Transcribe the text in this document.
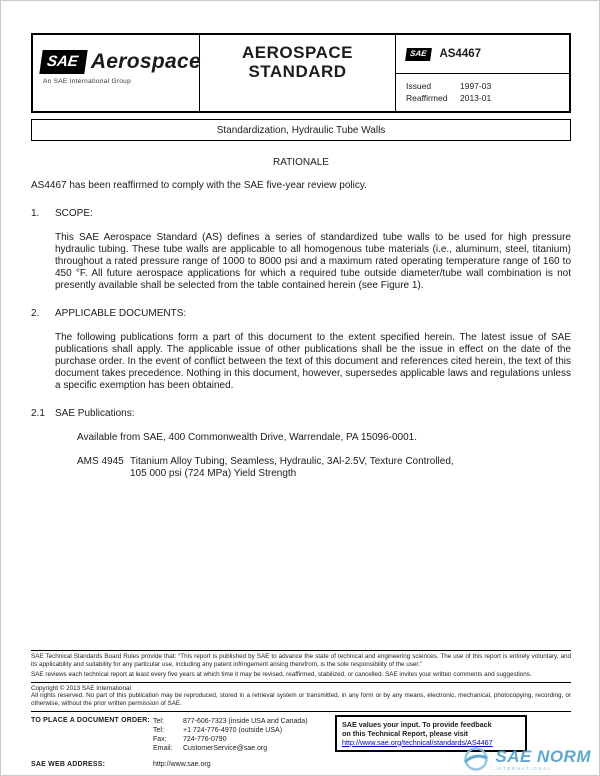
SAE Aerospace
An SAE International Group
AEROSPACE
STANDARD
SAE	AS4467
Issued	1997-03
Reaffirmed	2013-01
Standardization, Hydraulic Tube Walls
RATIONALE

AS4467 has been reaffirmed to comply with the SAE five-year review policy.

1.	SCOPE:

This SAE Aerospace Standard (AS) defines a series of standardized tube walls to be used for high pressure hydraulic tubing. These tube walls are applicable to all homogenous tube materials (i.e., aluminum, steel, titanium) throughout a rated pressure range of 1000 to 8000 psi and a maximum rated operating temperature range of 160 to 450 °F. All future aerospace applications for which a required tube outside diameter/tube wall combination is not presently available shall be selected from the table contained herein (see Figure 1).

2.	APPLICABLE DOCUMENTS:

The following publications form a part of this document to the extent specified herein. The latest issue of SAE publications shall apply. The applicable issue of other publications shall be the issue in effect on the date of the purchase order. In the event of conflict between the text of this document and references cited herein, the text of this document takes precedence. Nothing in this document, however, supersedes applicable laws and regulations unless a specific exemption has been obtained.

2.1	SAE Publications:

Available from SAE, 400 Commonwealth Drive, Warrendale, PA 15096-0001.

AMS 4945 Titanium Alloy Tubing, Seamless, Hydraulic, 3Al-2.5V, Texture Controlled, 105 000 psi (724 MPa) Yield Strength

SAE Technical Standards Board Rules provide that: “This report is published by SAE to advance the state of technical and engineering sciences. The use of this report is entirely voluntary, and its applicability and suitability for any particular use, including any patent infringement arising therefrom, is the sole responsibility of the user.”

SAE reviews each technical report at least every five years at which time it may be revised, reaffirmed, stabilized, or cancelled. SAE invites your written comments and suggestions.

Copyright © 2013 SAE International

All rights reserved. No part of this publication may be reproduced, stored in a retrieval system or transmitted, in any form or by any means, electronic, mechanical, photocopying, recording, or otherwise, without the prior written permission of SAE.

TO PLACE A DOCUMENT ORDER: Tel:	877-606-7323 (inside USA and Canada)
Tel:	+1 724-776-4970 (outside USA)
Fax:	724-776-0790
Email:	CustomerService@sae.org
SAE values your input. To provide feedback
on this Technical Report, please visit
http://www.sae.org/technical/standards/AS4467
SAE WEB ADDRESS:	http://www.sae.org	SAE NORM
INTERNATIONAL
